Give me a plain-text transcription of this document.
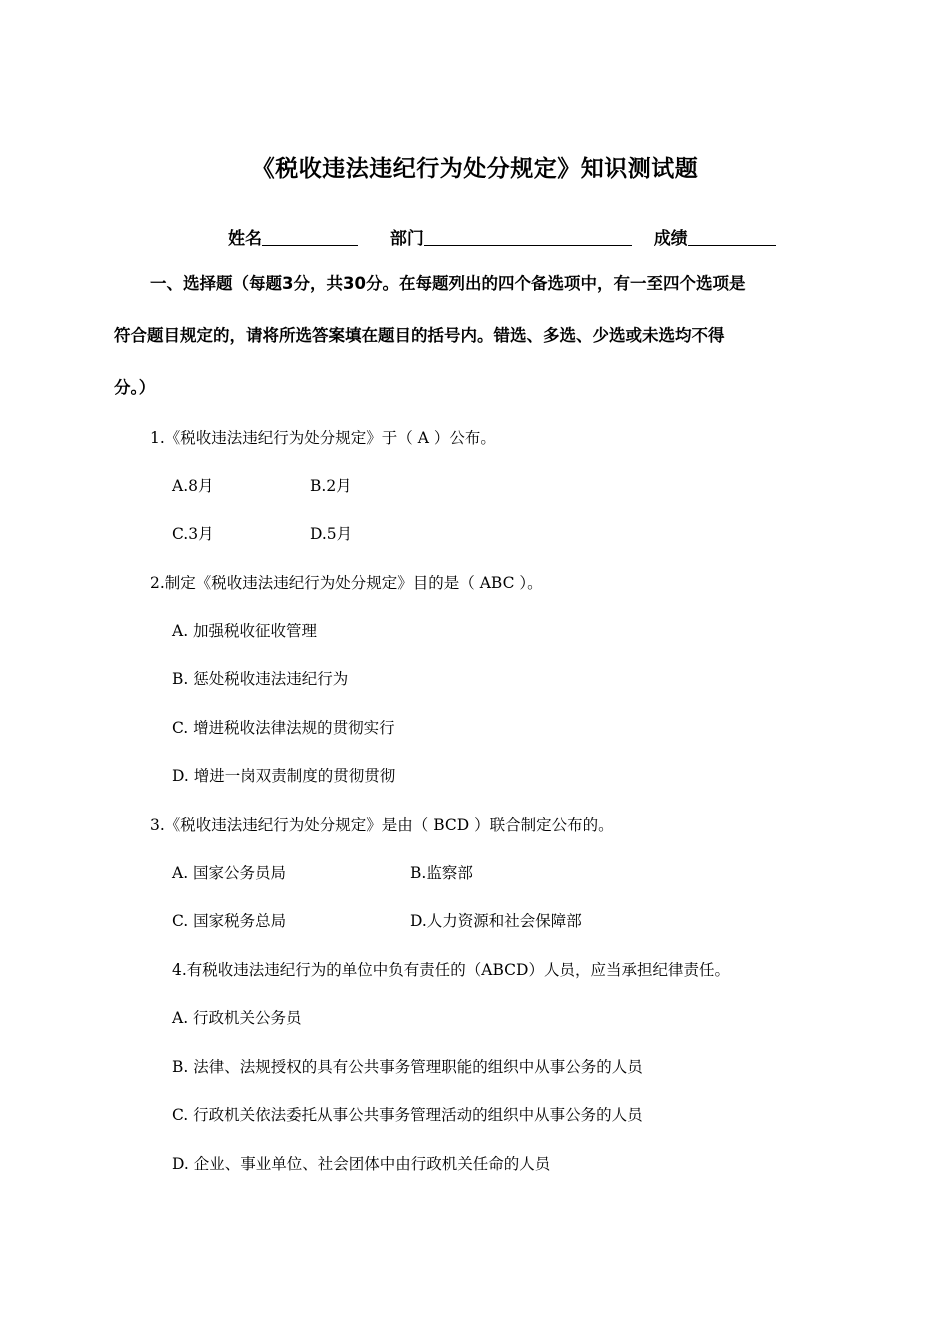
《税收违法违纪行为处分规定》知识测试题
姓名	部门	成绩
一、选择题（每题3分，共30分。在每题列出的四个备选项中，有一至四个选项是
符合题目规定的，请将所选答案填在题目的括号内。错选、多选、少选或未选均不得
分。）
1.《税收违法违纪行为处分规定》于（ A ）公布。
A.8月	B.2月
C.3月	D.5月
2.制定《税收违法违纪行为处分规定》目的是（ ABC ）。
A. 加强税收征收管理
B. 惩处税收违法违纪行为
C. 增进税收法律法规的贯彻实行
D. 增进一岗双责制度的贯彻贯彻
3.《税收违法违纪行为处分规定》是由（ BCD ）联合制定公布的。
A. 国家公务员局	B.监察部
C. 国家税务总局	D.人力资源和社会保障部
4.有税收违法违纪行为的单位中负有责任的（ABCD）人员，应当承担纪律责任。
A. 行政机关公务员
B. 法律、法规授权的具有公共事务管理职能的组织中从事公务的人员
C. 行政机关依法委托从事公共事务管理活动的组织中从事公务的人员
D. 企业、事业单位、社会团体中由行政机关任命的人员
